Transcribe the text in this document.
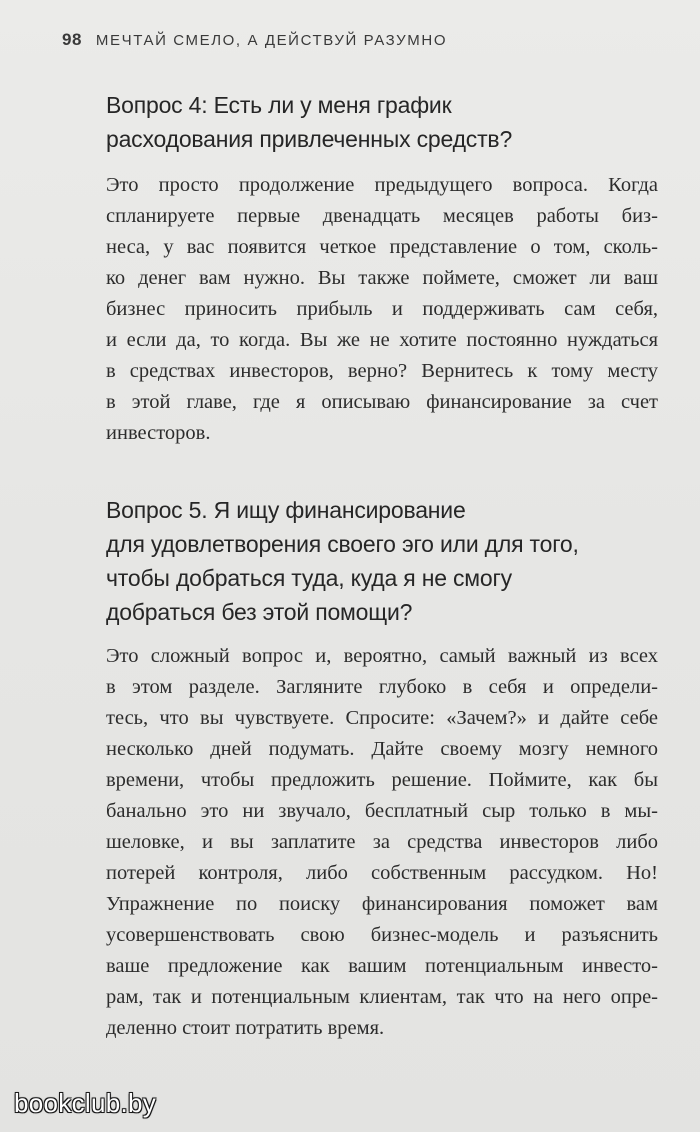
98 МЕЧТАЙ СМЕЛО, А ДЕЙСТВУЙ РАЗУМНО
Вопрос 4: Есть ли у меня график
расходования привлеченных средств?

Это просто продолжение предыдущего вопроса. Когда
спланируете первые двенадцать месяцев работы биз-
неса, у вас появится четкое представление о том, сколь-
ко денег вам нужно. Вы также поймете, сможет ли ваш
бизнес приносить прибыль и поддерживать сам себя,
и если да, то когда. Вы же не хотите постоянно нуждаться
в средствах инвесторов, верно? Вернитесь к тому месту
в этой главе, где я описываю финансирование за счет
инвесторов.

Вопрос 5. Я ищу финансирование
для удовлетворения своего эго или для того,
чтобы добраться туда, куда я не смогу
добраться без этой помощи?

Это сложный вопрос и, вероятно, самый важный из всех
в этом разделе. Загляните глубоко в себя и определи-
тесь, что вы чувствуете. Спросите: «Зачем?» и дайте себе
несколько дней подумать. Дайте своему мозгу немного
времени, чтобы предложить решение. Поймите, как бы
банально это ни звучало, бесплатный сыр только в мы-
шеловке, и вы заплатите за средства инвесторов либо
потерей контроля, либо собственным рассудком. Но!
Упражнение по поиску финансирования поможет вам
усовершенствовать свою бизнес-модель и разъяснить
ваше предложение как вашим потенциальным инвесто-
рам, так и потенциальным клиентам, так что на него опре-
деленно стоит потратить время.

bookclub.by
